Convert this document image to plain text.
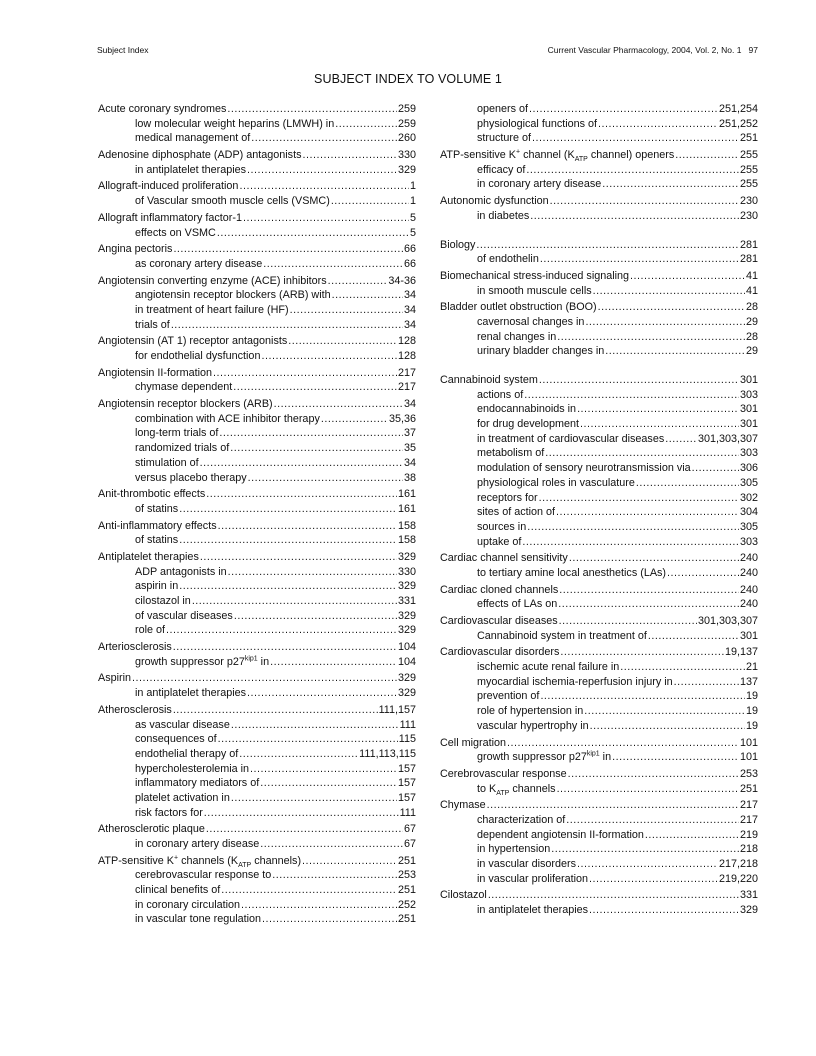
Subject Index	Current Vascular Pharmacology, 2004, Vol. 2, No. 1   97
SUBJECT INDEX TO VOLUME 1
Acute coronary syndromes .....	259
low molecular weight heparins (LMWH) in .....	259
medical management of .....	260
Adenosine diphosphate (ADP) antagonists .....	330
in antiplatelet therapies .....	329
Allograft-induced proliferation .....	1
of Vascular smooth muscle cells (VSMC) .....	1
Allograft inflammatory factor-1 .....	5
effects on VSMC .....	5
Angina pectoris .....	66
as coronary artery disease .....	66
Angiotensin converting enzyme (ACE) inhibitors .....	34-36
angiotensin receptor blockers (ARB) with .....	34
in treatment of heart failure (HF) .....	34
trials of .....	34
Angiotensin (AT 1) receptor antagonists .....	128
for endothelial dysfunction .....	128
Angiotensin II-formation .....	217
chymase dependent .....	217
Angiotensin receptor blockers (ARB) .....	34
combination with ACE inhibitor therapy .....	35,36
long-term trials of .....	37
randomized trials of .....	35
stimulation of .....	34
versus placebo therapy .....	38
Anit-thrombotic effects .....	161
of statins .....	161
Anti-inflammatory effects .....	158
of statins .....	158
Antiplatelet therapies .....	329
ADP antagonists in .....	330
aspirin in .....	329
cilostazol in .....	331
of vascular diseases .....	329
role of .....	329
Arteriosclerosis .....	104
growth suppressor $p27^{kip1}$ in .....	104
Aspirin .....	329
in antiplatelet therapies .....	329
Atherosclerosis .....	111,157
as vascular disease .....	111
consequences of .....	115
endothelial therapy of .....	111,113,115
hypercholesterolemia in .....	157
inflammatory mediators of .....	157
platelet activation in .....	157
risk factors for .....	111
Atherosclerotic plaque .....	67
in coronary artery disease .....	67
ATP-sensitive K+ channels ($K_{ATP}$ channels) .....	251
cerebrovascular response to .....	253
clinical benefits of .....	251
in coronary circulation .....	252
in vascular tone regulation .....	251
openers of .....	251,254
physiological functions of .....	251,252
structure of .....	251
ATP-sensitive K+ channel ($K_{ATP}$ channel) openers .....	255
efficacy of .....	255
in coronary artery disease .....	255
Autonomic dysfunction .....	230
in diabetes .....	230
Biology .....	281
of endothelin .....	281
Biomechanical stress-induced signaling .....	41
in smooth muscule cells .....	41
Bladder outlet obstruction (BOO) .....	28
cavernosal changes in .....	29
renal changes in .....	28
urinary bladder changes in .....	29
Cannabinoid system .....	301
actions of .....	303
endocannabinoids in .....	301
for drug development .....	301
in treatment of cardiovascular diseases .....	301,303,307
metabolism of .....	303
modulation of sensory neurotransmission via .....	306
physiological roles in vasculature .....	305
receptors for .....	302
sites of action of .....	304
sources in .....	305
uptake of .....	303
Cardiac channel sensitivity .....	240
to tertiary amine local anesthetics (LAs) .....	240
Cardiac cloned channels .....	240
effects of LAs on .....	240
Cardiovascular diseases .....	301,303,307
Cannabinoid system in treatment of .....	301
Cardiovascular disorders .....	19,137
ischemic acute renal failure in .....	21
myocardial ischemia-reperfusion injury in .....	137
prevention of .....	19
role of hypertension in .....	19
vascular hypertrophy in .....	19
Cell migration .....	101
growth suppressor $p27^{kip1}$ in .....	101
Cerebrovascular response .....	253
to $K_{ATP}$ channels .....	251
Chymase .....	217
characterization of .....	217
dependent angiotensin II-formation .....	219
in hypertension .....	218
in vascular disorders .....	217,218
in vascular proliferation .....	219,220
Cilostazol .....	331
in antiplatelet therapies .....	329
